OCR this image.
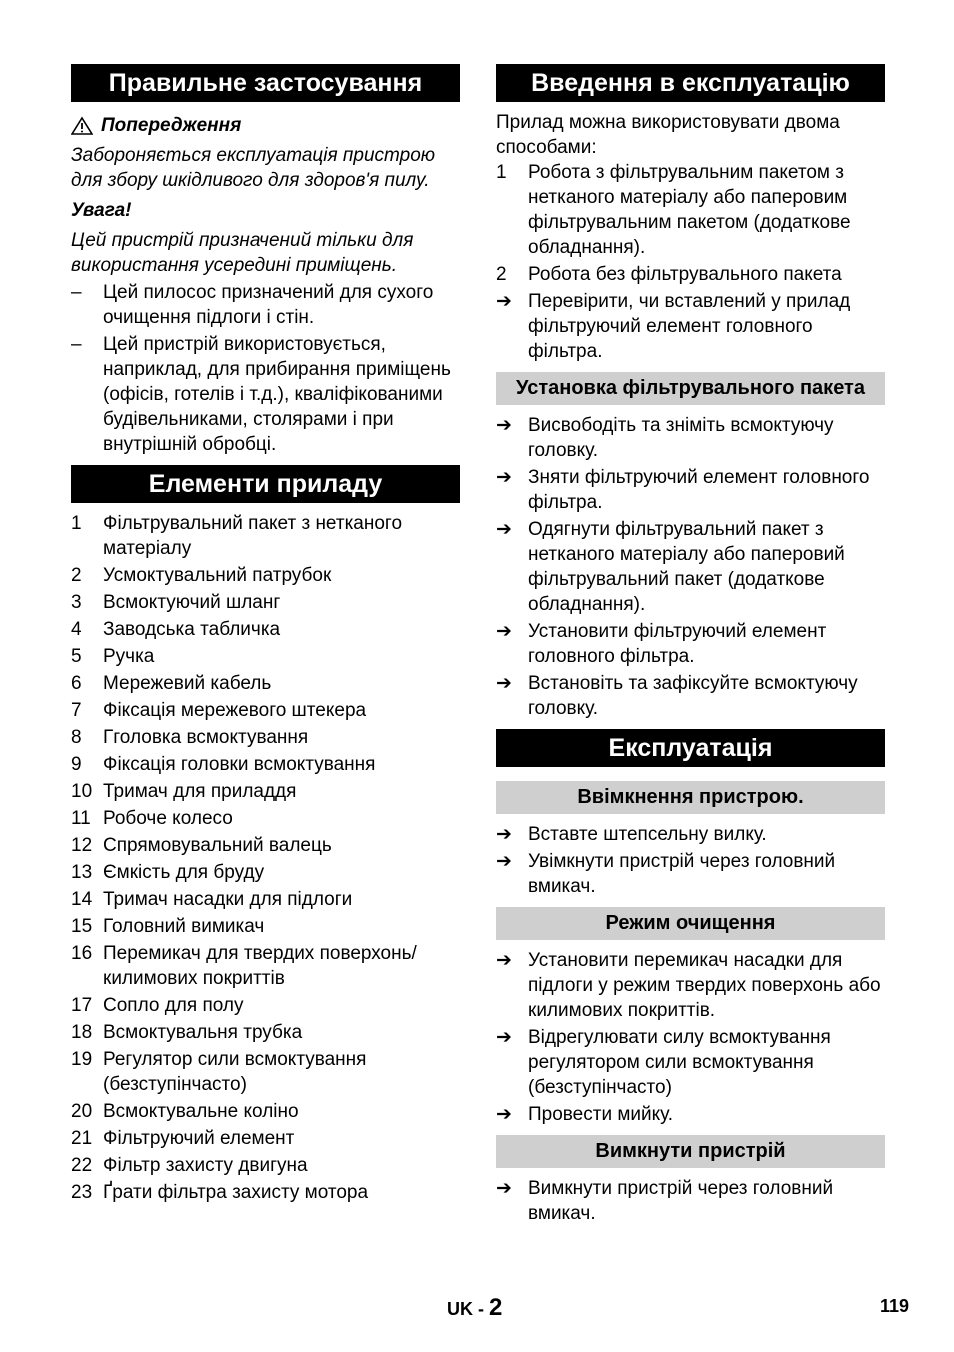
Правильне застосування
Попередження

Забороняється експлуатація пристрою для збору шкідливого для здоров'я пилу.

Увага!

Цей пристрій призначений тільки для використання усередині приміщень.

–	Цей пилосос призначений для сухого очищення підлоги і стін.
–	Цей пристрій використовується, наприклад, для прибирання приміщень (офісів, готелів і т.д.), кваліфікованими будівельниками, столярами і при внутрішній обробці.
Елементи приладу
1	Фільтрувальний пакет з нетканого матеріалу
2	Усмоктувальний патрубок
3	Всмоктуючий шланг
4	Заводська табличка
5	Ручка
6	Мережевий кабель
7	Фіксація мережевого штекера
8	Гголовка всмоктування
9	Фіксація головки всмоктування
10 Тримач для приладдя
11 Робоче колесо
12 Спрямовувальний валець
13 Ємкість для бруду
14 Тримач насадки для підлоги
15 Головний вимикач
16 Перемикач для твердих поверхонь/ килимових покриттів
17 Сопло для полу
18 Всмоктувальня трубка
19 Регулятор сили всмоктування (безступінчасто)
20 Всмоктувальне коліно
21 Фільтруючий елемент
22 Фільтр захисту двигуна
23 Ґрати фільтра захисту мотора
Введення в експлуатацію

Прилад можна використовувати двома способами:

1	Робота з фільтрувальним пакетом з нетканого матеріалу або паперовим фільтрувальним пакетом (додаткове обладнання).
2	Робота без фільтрувального пакета
➔ Перевірити, чи вставлений у прилад фільтруючий елемент головного фільтра.
Установка фільтрувального пакета
➔ Висвободіть та зніміть всмоктуючу головку.
➔ Зняти фільтруючий елемент головного фільтра.
➔ Одягнути фільтрувальний пакет з нетканого матеріалу або паперовий фільтрувальний пакет (додаткове обладнання).
➔ Установити фільтруючий елемент головного фільтра.
➔ Встановіть та зафіксуйте всмоктуючу головку.
Експлуатація
Ввімкнення пристрою.
➔ Вставте штепсельну вилку.
➔ Увімкнути пристрій через головний вмикач.
Режим очищення
➔ Установити перемикач насадки для підлоги у режим твердих поверхонь або килимових покриттів.
➔ Відрегулювати силу всмоктування регулятором сили всмоктування (безступінчасто)
➔ Провести мийку.
Вимкнути пристрій
➔ Вимкнути пристрій через головний вмикач.
UK - 2	119
